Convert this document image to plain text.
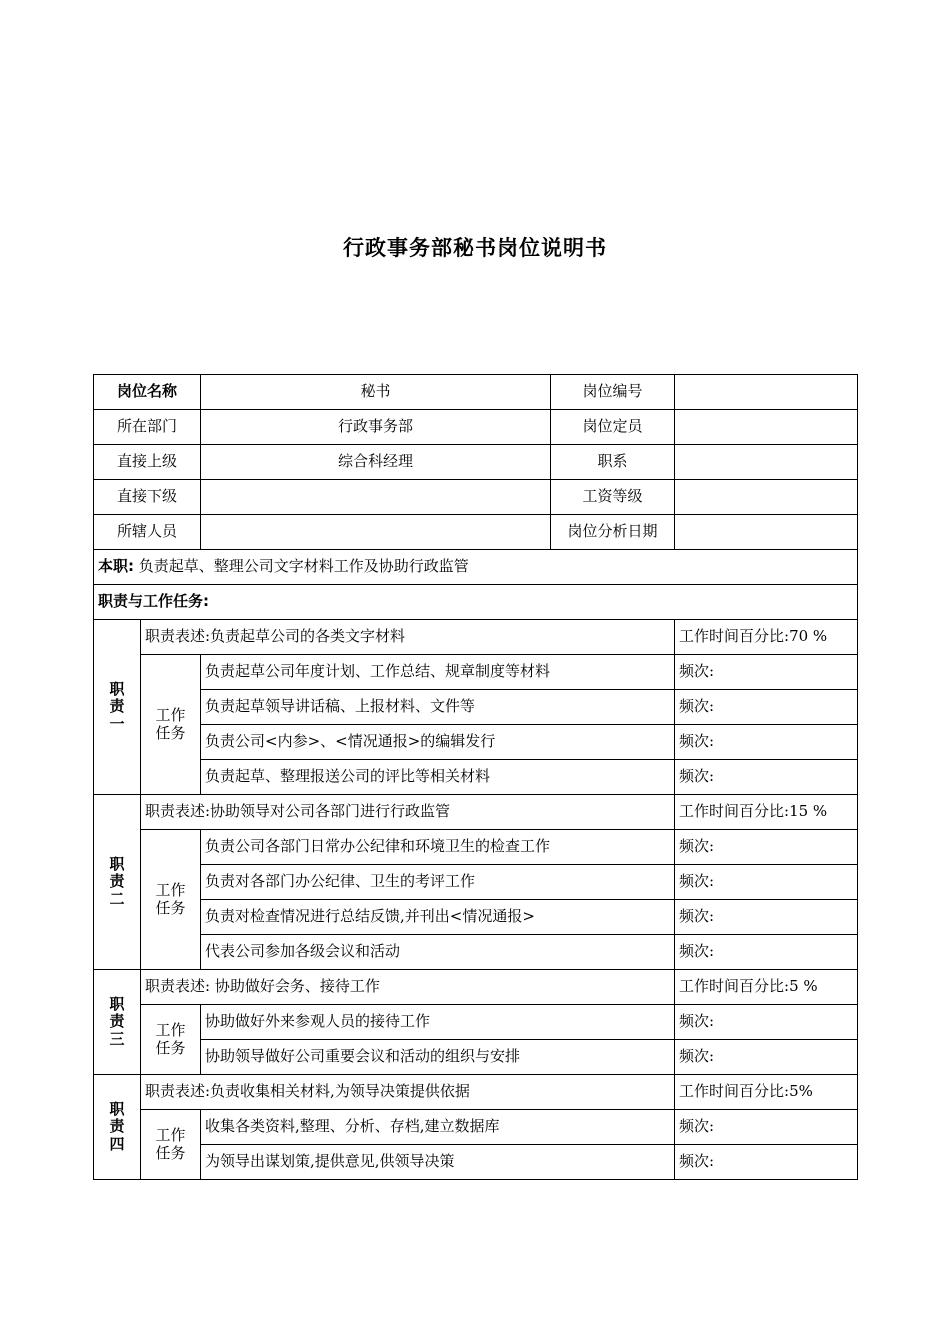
行政事务部秘书岗位说明书
岗位名称		秘书	岗位编号	
所在部门		行政事务部	岗位定员	
直接上级		综合科经理	职系	
直接下级			工资等级	
所辖人员			岗位分析日期	
本职: 负责起草、整理公司文字材料工作及协助行政监管				
职责与工作任务:				

职责一	职责表述:负责起草公司的各类文字材料			工作时间百分比:70 %

	工作任务	负责起草公司年度计划、工作总结、规章制度等材料		频次:
		负责起草领导讲话稿、上报材料、文件等		频次:
		负责公司<内参>、<情况通报>的编辑发行		频次:
		负责起草、整理报送公司的评比等相关材料		频次:

职责二	职责表述:协助领导对公司各部门进行行政监管			工作时间百分比:15 %

	工作任务	负责公司各部门日常办公纪律和环境卫生的检查工作		频次:
		负责对各部门办公纪律、卫生的考评工作		频次:
		负责对检查情况进行总结反馈,并刊出<情况通报>		频次:
		代表公司参加各级会议和活动		频次:

职责三	职责表述: 协助做好会务、接待工作			工作时间百分比:5 %

	工作任务	协助做好外来参观人员的接待工作		频次:
		协助领导做好公司重要会议和活动的组织与安排		频次:

职责四	职责表述:负责收集相关材料,为领导决策提供依据			工作时间百分比:5%

	工作任务	收集各类资料,整理、分析、存档,建立数据库		频次:
		为领导出谋划策,提供意见,供领导决策		频次:
